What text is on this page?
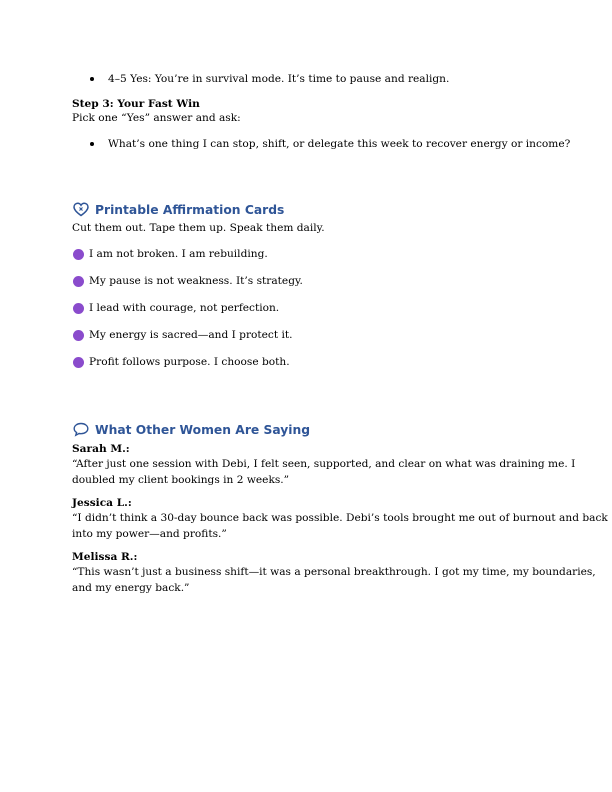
4–5 Yes: You’re in survival mode. It’s time to pause and realign.
Step 3: Your Fast Win
Pick one “Yes” answer and ask:
What’s one thing I can stop, shift, or delegate this week to recover energy or income?
Printable Affirmation Cards
Cut them out. Tape them up. Speak them daily.
I am not broken. I am rebuilding.
My pause is not weakness. It’s strategy.
I lead with courage, not perfection.
My energy is sacred—and I protect it.
Profit follows purpose. I choose both.
What Other Women Are Saying
Sarah M.:
“After just one session with Debi, I felt seen, supported, and clear on what was draining me. I
doubled my client bookings in 2 weeks.”
Jessica L.:
“I didn’t think a 30-day bounce back was possible. Debi’s tools brought me out of burnout and back
into my power—and profits.”
Melissa R.:
“This wasn’t just a business shift—it was a personal breakthrough. I got my time, my boundaries,
and my energy back.”
